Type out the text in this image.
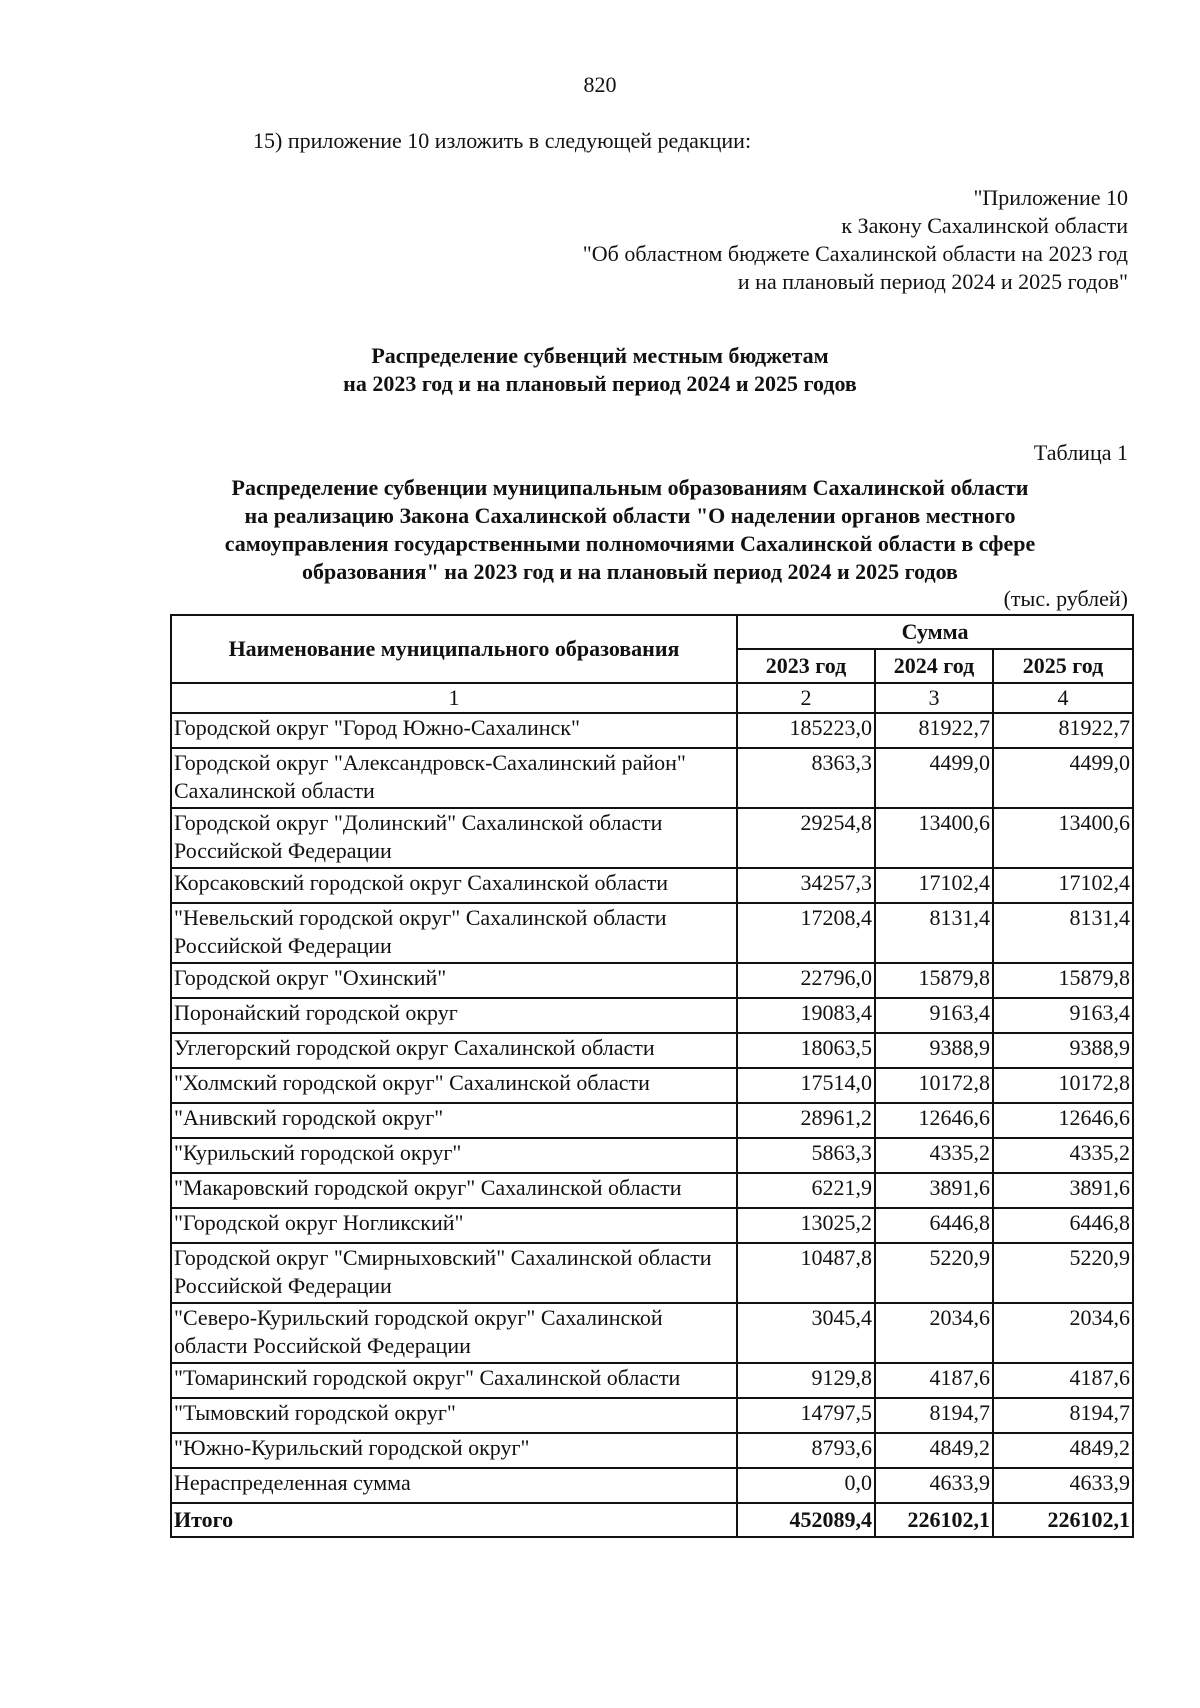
820
15) приложение 10 изложить в следующей редакции:
"Приложение 10
к Закону Сахалинской области
"Об областном бюджете Сахалинской области на 2023 год
и на плановый период 2024 и 2025 годов"
Распределение субвенций местным бюджетам
на 2023 год и на плановый период 2024 и 2025 годов
Таблица 1
Распределение субвенции муниципальным образованиям Сахалинской области
на реализацию Закона Сахалинской области "О наделении органов местного
самоуправления государственными полномочиями Сахалинской области в сфере
образования" на 2023 год и на плановый период 2024 и 2025 годов
(тыс. рублей)
Наименование муниципального образования	Сумма		
	2023 год	2024 год	2025 год
1	2	3	4
Городской округ "Город Южно-Сахалинск"	185223,0	81922,7	81922,7
Городской округ "Александровск-Сахалинский район" Сахалинской области	8363,3	4499,0	4499,0
Городской округ "Долинский" Сахалинской области Российской Федерации	29254,8	13400,6	13400,6
Корсаковский городской округ Сахалинской области	34257,3	17102,4	17102,4
"Невельский городской округ" Сахалинской области Российской Федерации	17208,4	8131,4	8131,4
Городской округ "Охинский"	22796,0	15879,8	15879,8
Поронайский городской округ	19083,4	9163,4	9163,4
Углегорский городской округ Сахалинской области	18063,5	9388,9	9388,9
"Холмский городской округ" Сахалинской области	17514,0	10172,8	10172,8
"Анивский городской округ"	28961,2	12646,6	12646,6
"Курильский городской округ"	5863,3	4335,2	4335,2
"Макаровский городской округ" Сахалинской области	6221,9	3891,6	3891,6
"Городской округ Ногликский"	13025,2	6446,8	6446,8
Городской округ "Смирныховский" Сахалинской области Российской Федерации	10487,8	5220,9	5220,9
"Северо-Курильский городской округ" Сахалинской области Российской Федерации	3045,4	2034,6	2034,6
"Томаринский городской округ" Сахалинской области	9129,8	4187,6	4187,6
"Тымовский городской округ"	14797,5	8194,7	8194,7
"Южно-Курильский городской округ"	8793,6	4849,2	4849,2
Нераспределенная сумма	0,0	4633,9	4633,9
Итого	452089,4	226102,1	226102,1
